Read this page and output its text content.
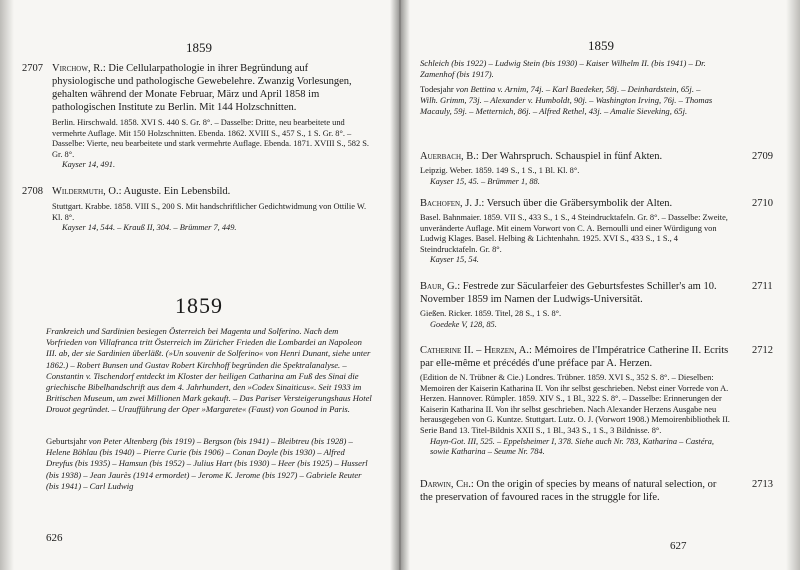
1859
2707 Virchow, R.: Die Cellularpathologie in ihrer Begründung auf physiologische und pathologische Gewebelehre. Zwanzig Vorlesungen, gehalten während der Monate Februar, März und April 1858 im pathologischen Institute zu Berlin. Mit 144 Holzschnitten.
Berlin. Hirschwald. 1858. XVI S. 440 S. Gr. 8°. – Dasselbe: Dritte, neu bearbeitete und vermehrte Auflage. Mit 150 Holzschnitten. Ebenda. 1862. XVIII S., 457 S., 1 S. Gr. 8°. – Dasselbe: Vierte, neu bearbeitete und stark vermehrte Auflage. Ebenda. 1871. XVIII S., 582 S. Gr. 8°.
Kayser 14, 491.
2708 Wildermuth, O.: Auguste. Ein Lebensbild.
Stuttgart. Krabbe. 1858. VIII S., 200 S. Mit handschriftlicher Gedichtwidmung von Ottilie W. Kl. 8°.
Kayser 14, 544. – Krauß II, 304. – Brümmer 7, 449.
1859
Frankreich und Sardinien besiegen Österreich bei Magenta und Solferino. Nach dem Vorfrieden von Villafranca tritt Österreich im Züricher Frieden die Lombardei an Napoleon III. ab, der sie Sardinien überläßt. (»Un souvenir de Solferino« von Henri Dunant, siehe unter 1862.) – Robert Bunsen und Gustav Robert Kirchhoff begründen die Spektralanalyse. – Constantin v. Tischendorf entdeckt im Kloster der heiligen Catharina am Fuß des Sinai die griechische Bibelhandschrift aus dem 4. Jahrhundert, den »Codex Sinaiticus«. Seit 1933 im Britischen Museum, um zwei Millionen Mark gekauft. – Das Pariser Versteigerungshaus Hotel Drouot gegründet. – Uraufführung der Oper »Margarete« (Faust) von Gounod in Paris.
Geburtsjahr von Peter Altenberg (bis 1919) – Bergson (bis 1941) – Bleibtreu (bis 1928) – Helene Böhlau (bis 1940) – Pierre Curie (bis 1906) – Conan Doyle (bis 1930) – Alfred Dreyfus (bis 1935) – Hamsun (bis 1952) – Julius Hart (bis 1930) – Heer (bis 1925) – Husserl (bis 1938) – Jean Jaurès (1914 ermordet) – Jerome K. Jerome (bis 1927) – Gabriele Reuter (bis 1941) – Carl Ludwig
626
1859
Schleich (bis 1922) – Ludwig Stein (bis 1930) – Kaiser Wilhelm II. (bis 1941) – Dr. Zamenhof (bis 1917).
Todesjahr von Bettina v. Arnim, 74j. – Karl Baedeker, 58j. – Deinhardstein, 65j. – Wilh. Grimm, 73j. – Alexander v. Humboldt, 90j. – Washington Irving, 76j. – Thomas Macauly, 59j. – Metternich, 86j. – Alfred Rethel, 43j. – Amalie Sieveking, 65j.
Auerbach, B.: Der Wahrspruch. Schauspiel in fünf Akten.
Leipzig. Weber. 1859. 149 S., 1 S., 1 Bl. Kl. 8°.
Kayser 15, 45. – Brümmer 1, 88.
2709
Bachofen, J. J.: Versuch über die Gräbersymbolik der Alten.
Basel. Bahnmaier. 1859. VII S., 433 S., 1 S., 4 Steindrucktafeln. Gr. 8°. – Dasselbe: Zweite, unveränderte Auflage. Mit einem Vorwort von C. A. Bernoulli und einer Würdigung von Ludwig Klages. Basel. Helbing & Lichtenhahn. 1925. XVI S., 433 S., 1 S., 4 Steindrucktafeln. Gr. 8°.
Kayser 15, 54.
2710
Baur, G.: Festrede zur Säcularfeier des Geburtsfestes Schiller's am 10. November 1859 im Namen der Ludwigs-Universität.
Gießen. Ricker. 1859. Titel, 28 S., 1 S. 8°.
Goedeke V, 128, 85.
2711
Catherine II. – Herzen, A.: Mémoires de l'Impératrice Catherine II. Ecrits par elle-même et précédés d'une préface par A. Herzen.
(Edition de N. Trübner & Cie.) Londres. Trübner. 1859. XVI S., 352 S. 8°. – Dieselben: Memoiren der Kaiserin Katharina II. Von ihr selbst geschrieben. Nebst einer Vorrede von A. Herzen. Hannover. Rümpler. 1859. XIV S., 1 Bl., 322 S. 8°. – Dasselbe: Erinnerungen der Kaiserin Katharina II. Von ihr selbst geschrieben. Nach Alexander Herzens Ausgabe neu herausgegeben von G. Kuntze. Stuttgart. Lutz. O. J. (Vorwort 1908.) Memoirenbibliothek II. Serie Band 13. Titel-Bildnis XXII S., 1 Bl., 343 S., 1 S., 3 Bildnisse. 8°.
Hayn-Got. III, 525. – Eppelsheimer I, 378. Siehe auch Nr. 783, Katharina – Castéra, sowie Katharina – Seume Nr. 784.
2712
Darwin, Ch.: On the origin of species by means of natural selection, or the preservation of favoured races in the struggle for life.
2713
627
